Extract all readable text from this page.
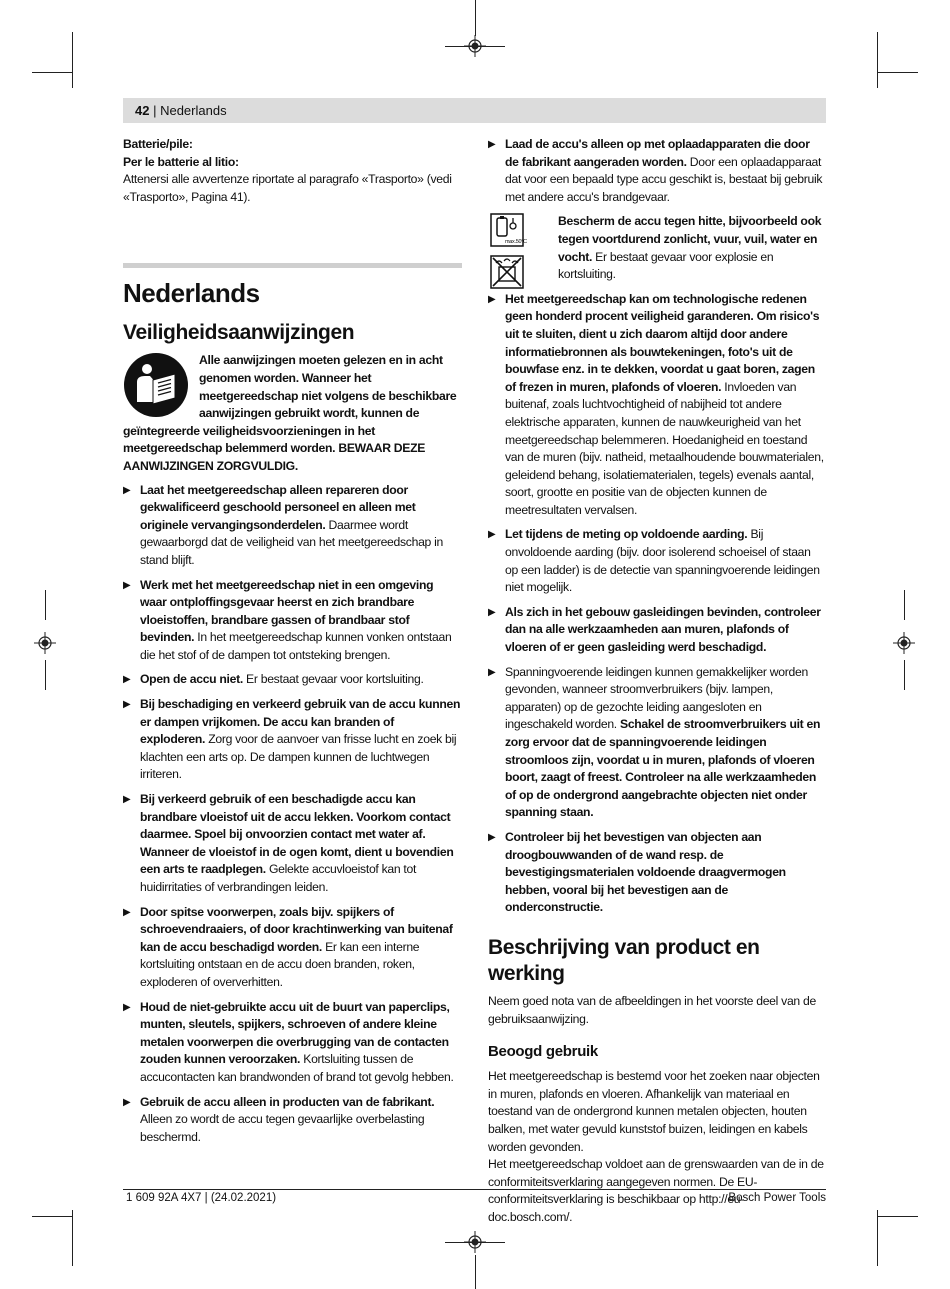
42 | Nederlands

Batterie/pile:

Per le batterie al litio:

Attenersi alle avvertenze riportate al paragrafo «Trasporto» (vedi «Trasporto», Pagina 41).

Nederlands
Veiligheidsaanwijzingen

Alle aanwijzingen moeten gelezen en in acht genomen worden. Wanneer het meetgereedschap niet volgens de beschikbare aanwijzingen gebruikt wordt, kunnen de geïntegreerde veiligheidsvoorzieningen in het meetgereedschap belemmerd worden. BEWAAR DEZE AANWIJZINGEN ZORGVULDIG.

▶ Laat het meetgereedschap alleen repareren door gekwalificeerd geschoold personeel en alleen met originele vervangingsonderdelen. Daarmee wordt gewaarborgd dat de veiligheid van het meetgereedschap in stand blijft.
▶ Werk met het meetgereedschap niet in een omgeving waar ontploffingsgevaar heerst en zich brandbare vloeistoffen, brandbare gassen of brandbaar stof bevinden. In het meetgereedschap kunnen vonken ontstaan die het stof of de dampen tot ontsteking brengen.
▶ Open de accu niet. Er bestaat gevaar voor kortsluiting.
▶ Bij beschadiging en verkeerd gebruik van de accu kunnen er dampen vrijkomen. De accu kan branden of exploderen. Zorg voor de aanvoer van frisse lucht en zoek bij klachten een arts op. De dampen kunnen de luchtwegen irriteren.
▶ Bij verkeerd gebruik of een beschadigde accu kan brandbare vloeistof uit de accu lekken. Voorkom contact daarmee. Spoel bij onvoorzien contact met water af. Wanneer de vloeistof in de ogen komt, dient u bovendien een arts te raadplegen. Gelekte accuvloeistof kan tot huidirritaties of verbrandingen leiden.
▶ Door spitse voorwerpen, zoals bijv. spijkers of schroevendraaiers, of door krachtinwerking van buitenaf kan de accu beschadigd worden. Er kan een interne kortsluiting ontstaan en de accu doen branden, roken, exploderen of oververhitten.
▶ Houd de niet-gebruikte accu uit de buurt van paperclips, munten, sleutels, spijkers, schroeven of andere kleine metalen voorwerpen die overbrugging van de contacten zouden kunnen veroorzaken. Kortsluiting tussen de accucontacten kan brandwonden of brand tot gevolg hebben.
▶ Gebruik de accu alleen in producten van de fabrikant. Alleen zo wordt de accu tegen gevaarlijke overbelasting beschermd.
▶ Laad de accu's alleen op met oplaadapparaten die door de fabrikant aangeraden worden. Door een oplaadapparaat dat voor een bepaald type accu geschikt is, bestaat bij gebruik met andere accu's brandgevaar.
max.50°C

Bescherm de accu tegen hitte, bijvoorbeeld ook tegen voortdurend zonlicht, vuur, vuil, water en vocht. Er bestaat gevaar voor explosie en kortsluiting.

▶ Het meetgereedschap kan om technologische redenen geen honderd procent veiligheid garanderen. Om risico's uit te sluiten, dient u zich daarom altijd door andere informatiebronnen als bouwtekeningen, foto's uit de bouwfase enz. in te dekken, voordat u gaat boren, zagen of frezen in muren, plafonds of vloeren. Invloeden van buitenaf, zoals luchtvochtigheid of nabijheid tot andere elektrische apparaten, kunnen de nauwkeurigheid van het meetgereedschap belemmeren. Hoedanigheid en toestand van de muren (bijv. natheid, metaalhoudende bouwmaterialen, geleidend behang, isolatiematerialen, tegels) evenals aantal, soort, grootte en positie van de objecten kunnen de meetresultaten vervalsen.
▶ Let tijdens de meting op voldoende aarding. Bij onvoldoende aarding (bijv. door isolerend schoeisel of staan op een ladder) is de detectie van spanningvoerende leidingen niet mogelijk.
▶ Als zich in het gebouw gasleidingen bevinden, controleer dan na alle werkzaamheden aan muren, plafonds of vloeren of er geen gasleiding werd beschadigd.
▶ Spanningvoerende leidingen kunnen gemakkelijker worden gevonden, wanneer stroomverbruikers (bijv. lampen, apparaten) op de gezochte leiding aangesloten en ingeschakeld worden. Schakel de stroomverbruikers uit en zorg ervoor dat de spanningvoerende leidingen stroomloos zijn, voordat u in muren, plafonds of vloeren boort, zaagt of freest. Controleer na alle werkzaamheden of op de ondergrond aangebrachte objecten niet onder spanning staan.
▶ Controleer bij het bevestigen van objecten aan droogbouwwanden of de wand resp. de bevestigingsmaterialen voldoende draagvermogen hebben, vooral bij het bevestigen aan de onderconstructie.
Beschrijving van product en werking

Neem goed nota van de afbeeldingen in het voorste deel van de gebruiksaanwijzing.

Beoogd gebruik

Het meetgereedschap is bestemd voor het zoeken naar objecten in muren, plafonds en vloeren. Afhankelijk van materiaal en toestand van de ondergrond kunnen metalen objecten, houten balken, met water gevuld kunststof buizen, leidingen en kabels worden gevonden.

Het meetgereedschap voldoet aan de grenswaarden van de in de conformiteitsverklaring aangegeven normen. De EU-conformiteitsverklaring is beschikbaar op http://eu-doc.bosch.com/.

1 609 92A 4X7 | (24.02.2021)	Bosch Power Tools
